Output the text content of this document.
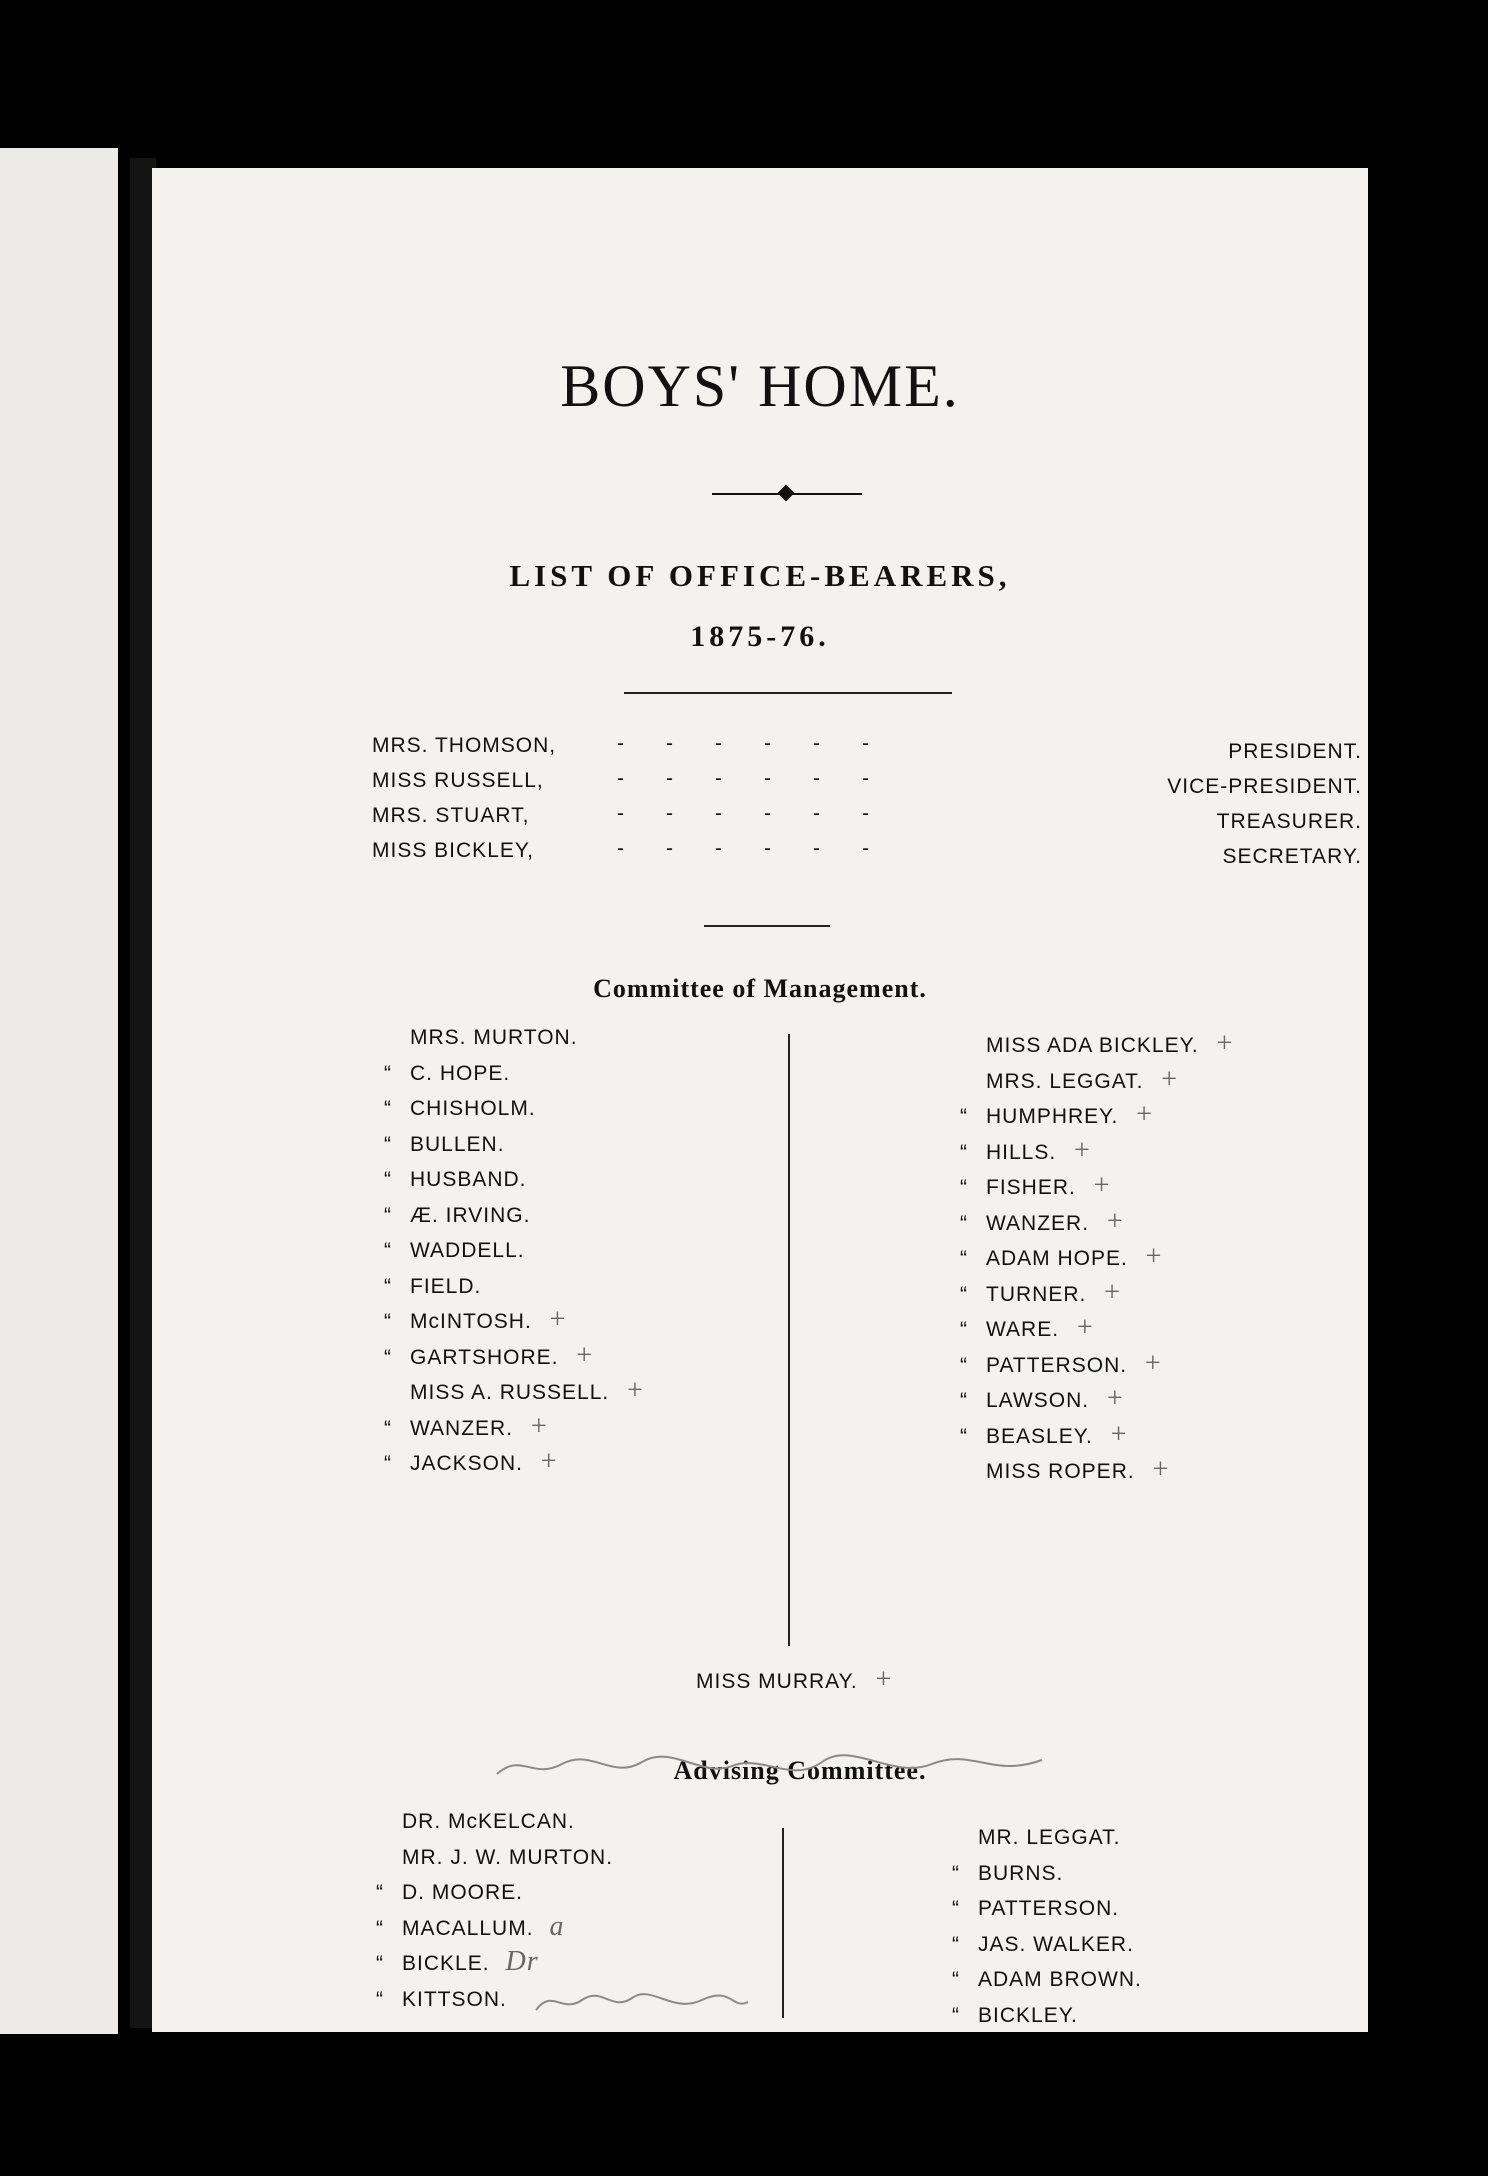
BOYS' HOME.
LIST OF OFFICE-BEARERS,
1875-76.
MRS. THOMSON,	------	PRESIDENT.
MISS RUSSELL,	------	VICE-PRESIDENT.
MRS. STUART,	------	TREASURER.
MISS BICKLEY,	------	SECRETARY.
Committee of Management.
MRS. MURTON.
“ C. HOPE.
“ CHISHOLM.
“ BULLEN.
“ HUSBAND.
“ Æ. IRVING.
“ WADDELL.
“ FIELD.
“ McINTOSH. +
“ GARTSHORE. +
MISS A. RUSSELL. +
“ WANZER. +
“ JACKSON. +
MISS ADA BICKLEY. +
MRS. LEGGAT. +
“ HUMPHREY. +
“ HILLS. +
“ FISHER. +
“ WANZER. +
“ ADAM HOPE. +
“ TURNER. +
“ WARE. +
“ PATTERSON. +
“ LAWSON. +
“ BEASLEY. +
MISS ROPER. +
MISS MURRAY. +
Advising Committee.
DR. McKELCAN.
MR. J. W. MURTON.
“ D. MOORE.
“ MACALLUM. a
“ BICKLE. Dr
“ KITTSON.
MR. LEGGAT.
“ BURNS.
“ PATTERSON.
“ JAS. WALKER.
“ ADAM BROWN.
“ BICKLEY.
